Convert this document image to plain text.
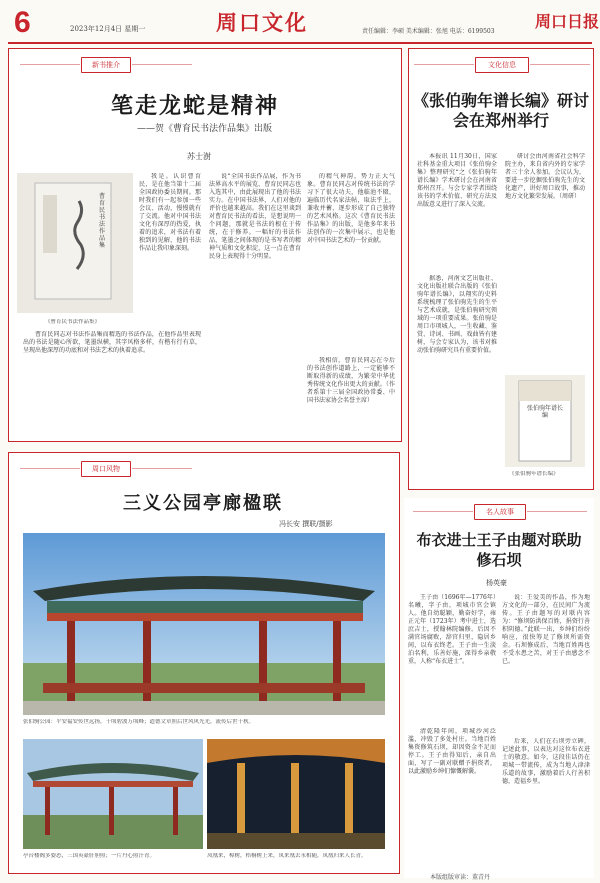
6	2023年12月4日 星期一	周口文化	责任编辑：李硕 美术编辑：张旭 电话：6199503
周口日报
新书推介
笔走龙蛇是精神
——贺《曹育民书法作品集》出版
苏士澍
曹育民书法作品集
《曹育民书法作品集》
我是。认识曹育民，是在他当第十二届全国政协委员期间。那时我们有一起参加一些会议、活动，慢慢就有了交流。他对中国书法文化有深厚的热爱，执着的追求，对书法有着独到的见解，他的书法作品让我印象深刻。
曹育民同志对书法作品集而精选的书法作品，在他作品里表现出的书法是随心所欲，笔墨纵横，其字风格多样，有楷有行有草，呈现出他深厚的功底和对书法艺术的执着追求。
说“全国书法作品展，作为书法界高水平的展览，曹育民同志也入选其中，由此展现出了他的书法实力。在中国书法界，人们对他的评价也越来越高。我们在这里谈到对曹育民书法的看法，是想说明一个问题，那就是书法的根在于传统，在于修养。一幅好的书法作品，笔墨之间体现的是书写者的精神气质和文化积淀，这一点在曹育民身上表现得十分明显。
的精气神韵，势力正大气象。曹育民同志对传统书法的学习下了很大功夫，他临池不辍，遍临历代名家法帖，取法乎上，兼收并蓄，逐步形成了自己独特的艺术风格。这次《曹育民书法作品集》的出版，是他多年来书法创作的一次集中展示，也是他对中国书法艺术的一份贡献。
我相信，曹育民同志在今后的书法创作道路上，一定能够不断取得新的成绩，为繁荣中华优秀传统文化作出更大的贡献。（作者系第十三届全国政协常委、中国书法家协会名誉主席）
文化信息
《张伯驹年谱长编》研讨会在郑州举行
本报讯 11月30日，国家社科基金重大项目《张伯驹全集》整理研究“之《张伯驹年谱长编》学术研讨会在河南省郑州召开。与会专家学者围绕该书的学术价值、研究方法及出版意义进行了深入交流。
据悉，河南文艺出版社、文化出版社联合出版的《张伯驹年谱长编》，以翔实的史料系统梳理了张伯驹先生的生平与艺术成就，是张伯驹研究领域的一项重要成果。张伯驹是周口市项城人，一生收藏、鉴赏、诗词、书画、戏曲皆有建树，与会专家认为，该书对推动张伯驹研究具有重要价值。
研讨会由河南省社会科学院主办，来自省内外的专家学者三十余人参加。会议认为，要进一步挖掘张伯驹先生的文化遗产，讲好周口故事，推动地方文化繁荣发展。（周研）
张伯驹年谱长编
《张伯驹年谱长编》
周口风物
三义公园亭廊楹联
冯长安 撰联/摄影
张伯驹公园：平安福安传世远扬，千顷碧波万顷峰；道德文章照后世风风光光，流传后世千秋。
亭台楼阁多姿态，三国英豪肝胆照；一片丹心照汗青。	凤凰来，樟树，梧桐树上来，凤来凰去永相随，凤凰归来人长青。
名人故事
布衣进士王子由题对联助修石坝
杨英豪
王子由（1696年—1776年）名曦，字子由，项城市官会镇人。他自幼聪颖，勤奋好学，雍正元年（1723年）考中进士，选庶吉士，授翰林院编修。后因不满官场腐败，辞官归里，隐居乡间，以布衣终老。王子由一生淡泊名利，乐善好施，深得乡亲敬重，人称“布衣进士”。
清乾隆年间，项城沙河泛滥，冲毁了多处村庄。当地百姓集资修筑石坝，却因资金不足而停工。王子由得知后，亲自出面，写了一副对联赠予捐资者，以此激励乡绅们慷慨解囊。
说：王爱美的作品，作为地方文化的一部分，在民间广为流传。王子由题写的对联内容为：“修坝防洪保百姓，捐资行善积阴德。”此联一出，乡绅们纷纷响应，很快筹足了修坝所需资金。石坝修成后，当地百姓再也不受水患之苦，对王子由感念不已。
后来，人们在石坝旁立碑，记述此事，以表达对这位布衣进士的敬意。如今，这段佳话仍在项城一带流传，成为当地人津津乐道的故事，激励着后人行善积德，造福乡里。
本版组版审读：董青丹
